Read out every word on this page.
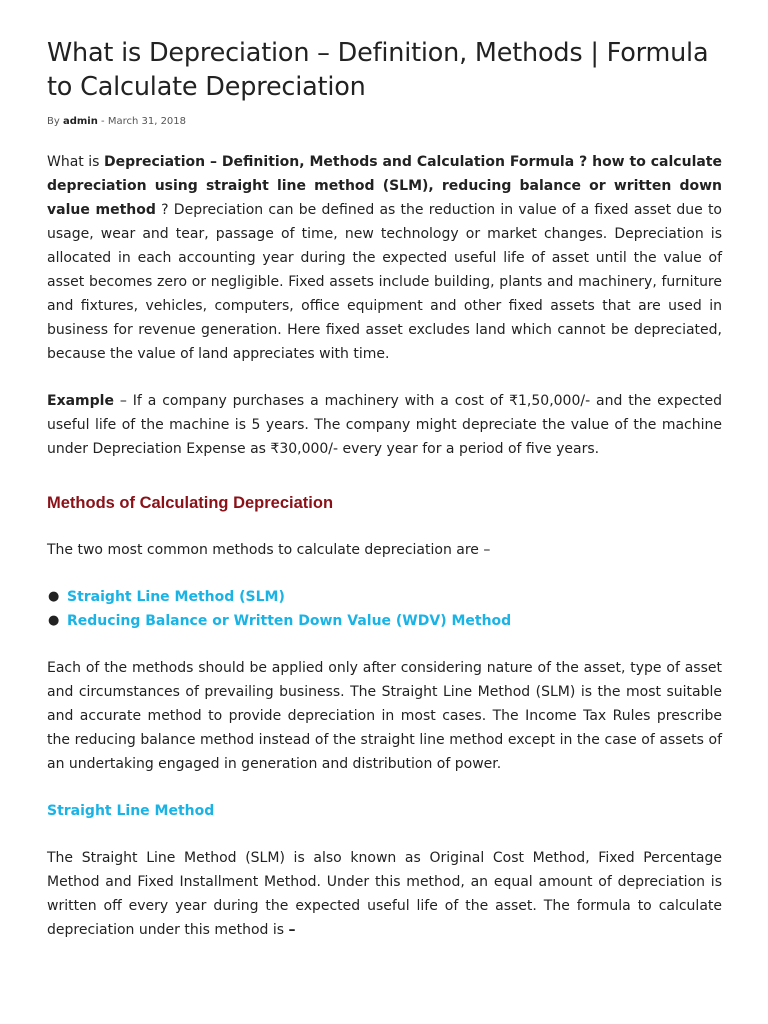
What is Depreciation – Definition, Methods | Formula to Calculate Depreciation
By admin - March 31, 2018

What is Depreciation – Definition, Methods and Calculation Formula ? how to calculate depreciation using straight line method (SLM), reducing balance or written down value method ? Depreciation can be defined as the reduction in value of a fixed asset due to usage, wear and tear, passage of time, new technology or market changes. Depreciation is allocated in each accounting year during the expected useful life of asset until the value of asset becomes zero or negligible. Fixed assets include building, plants and machinery, furniture and fixtures, vehicles, computers, office equipment and other fixed assets that are used in business for revenue generation. Here fixed asset excludes land which cannot be depreciated, because the value of land appreciates with time.

Example – If a company purchases a machinery with a cost of ₹1,50,000/- and the expected useful life of the machine is 5 years. The company might depreciate the value of the machine under Depreciation Expense as ₹30,000/- every year for a period of five years.

Methods of Calculating Depreciation

The two most common methods to calculate depreciation are –

● Straight Line Method (SLM)
● Reducing Balance or Written Down Value (WDV) Method

Each of the methods should be applied only after considering nature of the asset, type of asset and circumstances of prevailing business. The Straight Line Method (SLM) is the most suitable and accurate method to provide depreciation in most cases. The Income Tax Rules prescribe the reducing balance method instead of the straight line method except in the case of assets of an undertaking engaged in generation and distribution of power.

Straight Line Method

The Straight Line Method (SLM) is also known as Original Cost Method, Fixed Percentage Method and Fixed Installment Method. Under this method, an equal amount of depreciation is written off every year during the expected useful life of the asset. The formula to calculate depreciation under this method is –
